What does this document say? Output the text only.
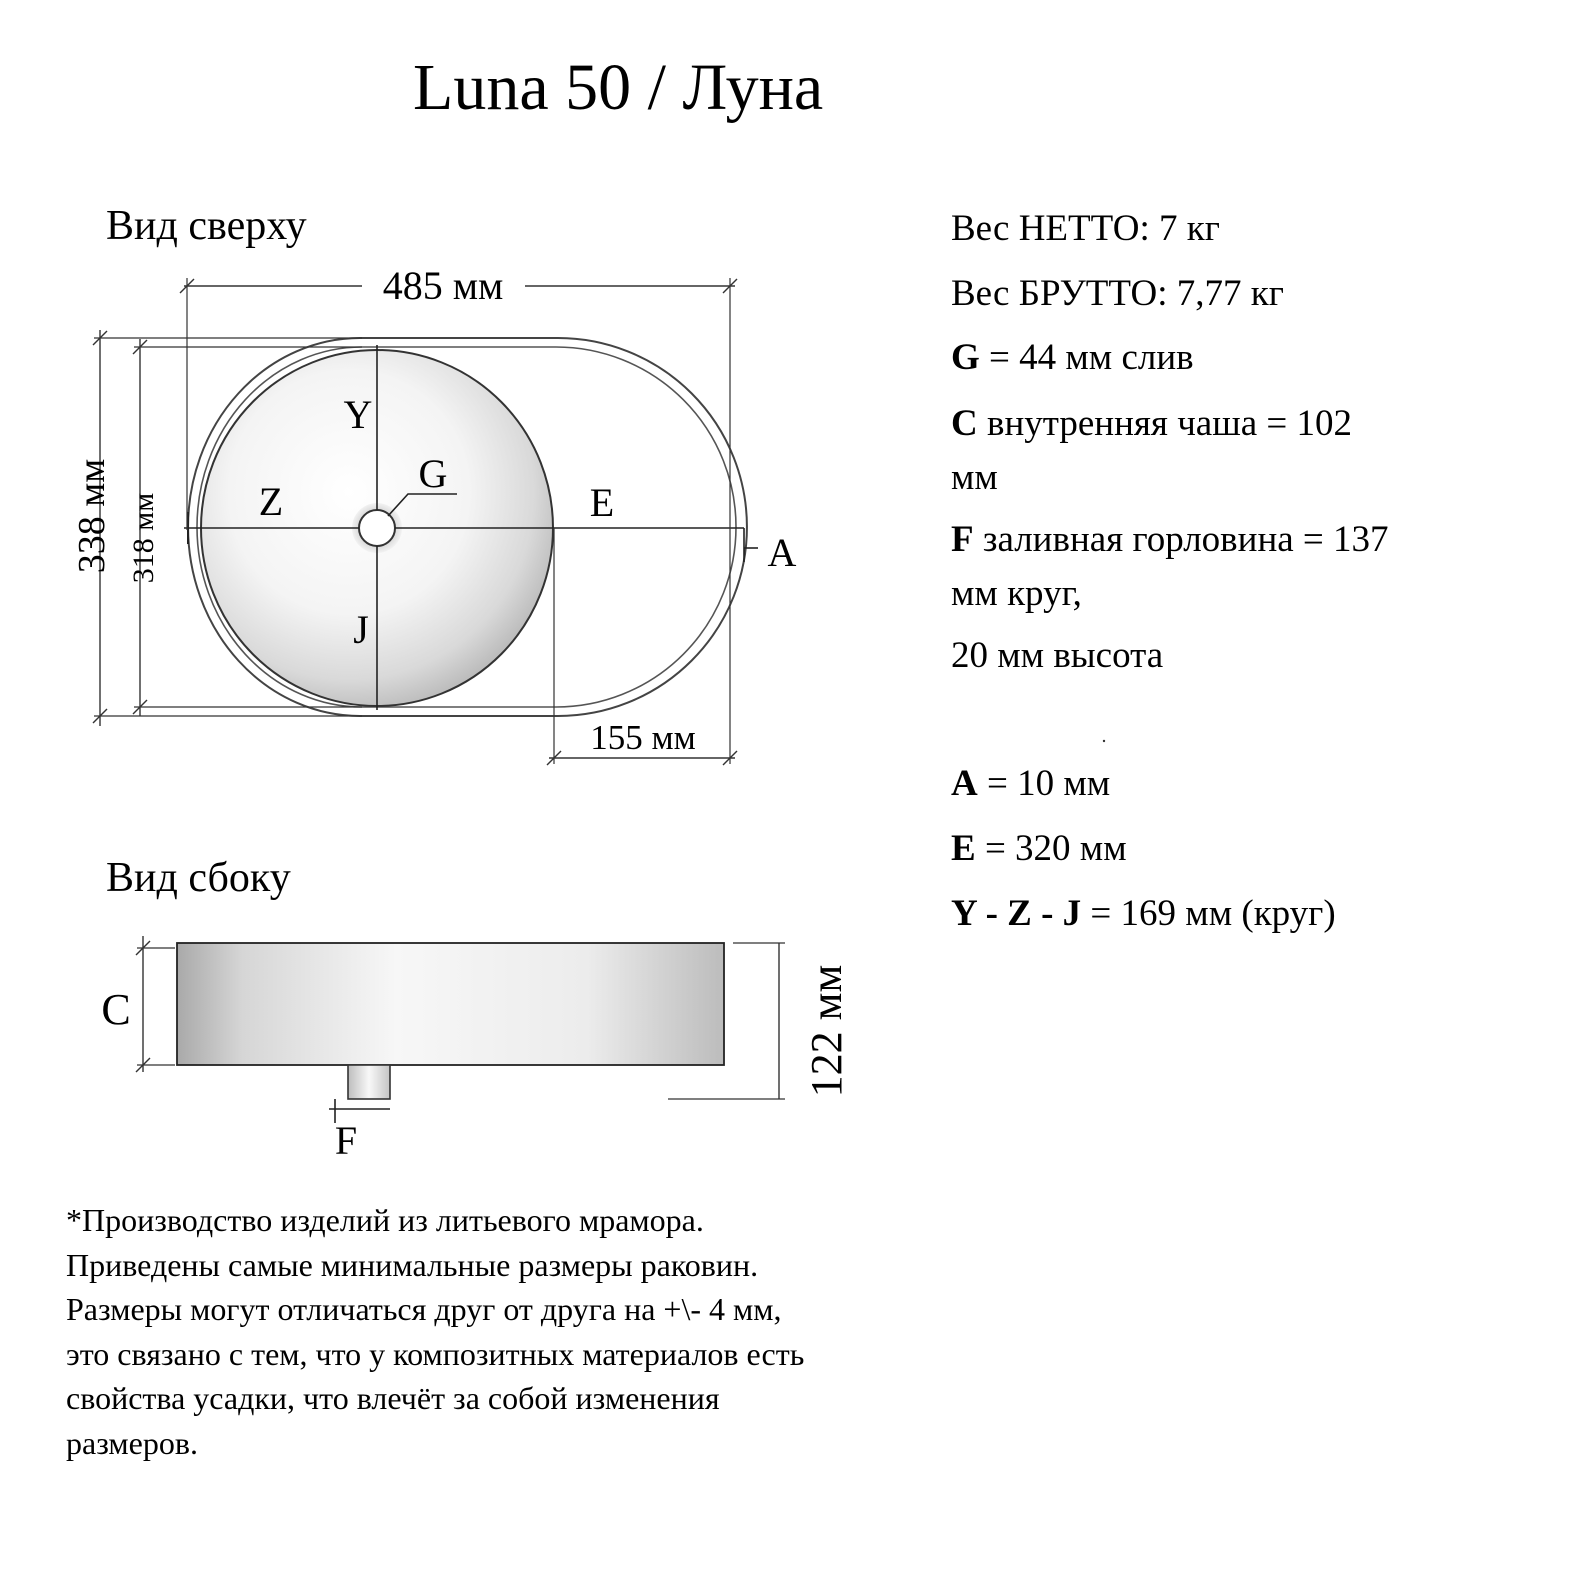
Luna 50 / Луна
Вид сверху
Вид сбоку
485 мм
338 мм 318 мм
155 мм
Y
G
Z	E
J
A
C
F
122 мм
Вес НЕТТО: 7 кг
Вес БРУТТО: 7,77 кг
G = 44 мм слив
C внутренняя чаша = 102
мм
F заливная горловина = 137
мм круг,
20 мм высота
A = 10 мм
E = 320 мм
Y - Z - J = 169 мм (круг)
*Производство изделий из литьевого мрамора.
Приведены самые минимальные размеры раковин.
Размеры могут отличаться друг от друга на +\- 4 мм,
это связано с тем, что у композитных материалов есть
свойства усадки, что влечёт за собой изменения
размеров.
